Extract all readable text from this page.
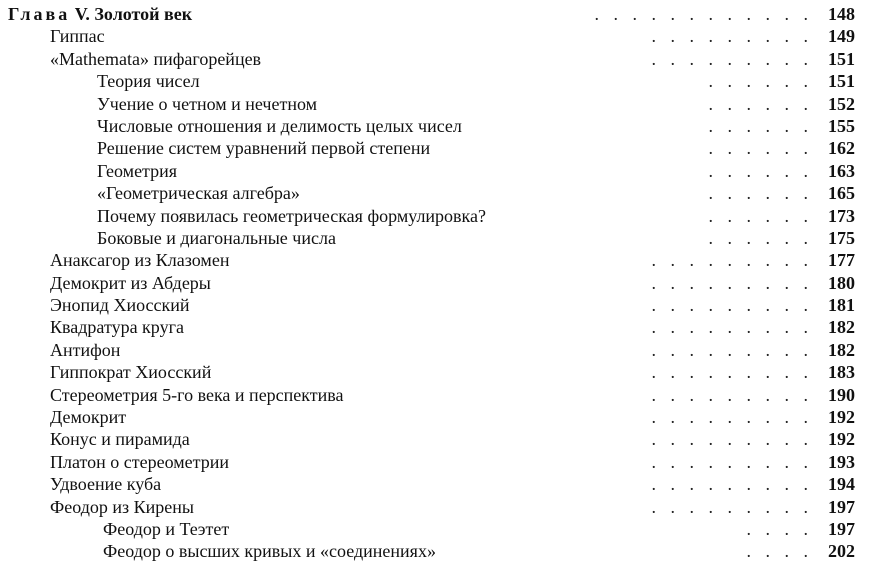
Глава V. Золотой век	. . . . . . . . . . . . 148
Гиппас	. . . . . . . . . 149
«Mathemata» пифагорейцев	. . . . . . . . . 151
Теория чисел	. . . . . . 151
Учение о четном и нечетном	. . . . . . 152
Числовые отношения и делимость целых чисел	. . . . . . 155
Решение систем уравнений первой степени	. . . . . . 162
Геометрия	. . . . . . 163
«Геометрическая алгебра»	. . . . . . 165
Почему появилась геометрическая формулировка?	. . . . . . 173
Боковые и диагональные числа	. . . . . . 175
Анаксагор из Клазомен	. . . . . . . . . 177
Демокрит из Абдеры	. . . . . . . . . 180
Энопид Хиосский	. . . . . . . . . 181
Квадратура круга	. . . . . . . . . 182
Антифон	. . . . . . . . . 182
Гиппократ Хиосский	. . . . . . . . . 183
Стереометрия 5-го века и перспектива	. . . . . . . . . 190
Демокрит	. . . . . . . . . 192
Конус и пирамида	. . . . . . . . . 192
Платон о стереометрии	. . . . . . . . . 193
Удвоение куба	. . . . . . . . . 194
Феодор из Кирены	. . . . . . . . . 197
Феодор и Теэтет	. . . . 197
Феодор о высших кривых и «соединениях»	. . . . 202
